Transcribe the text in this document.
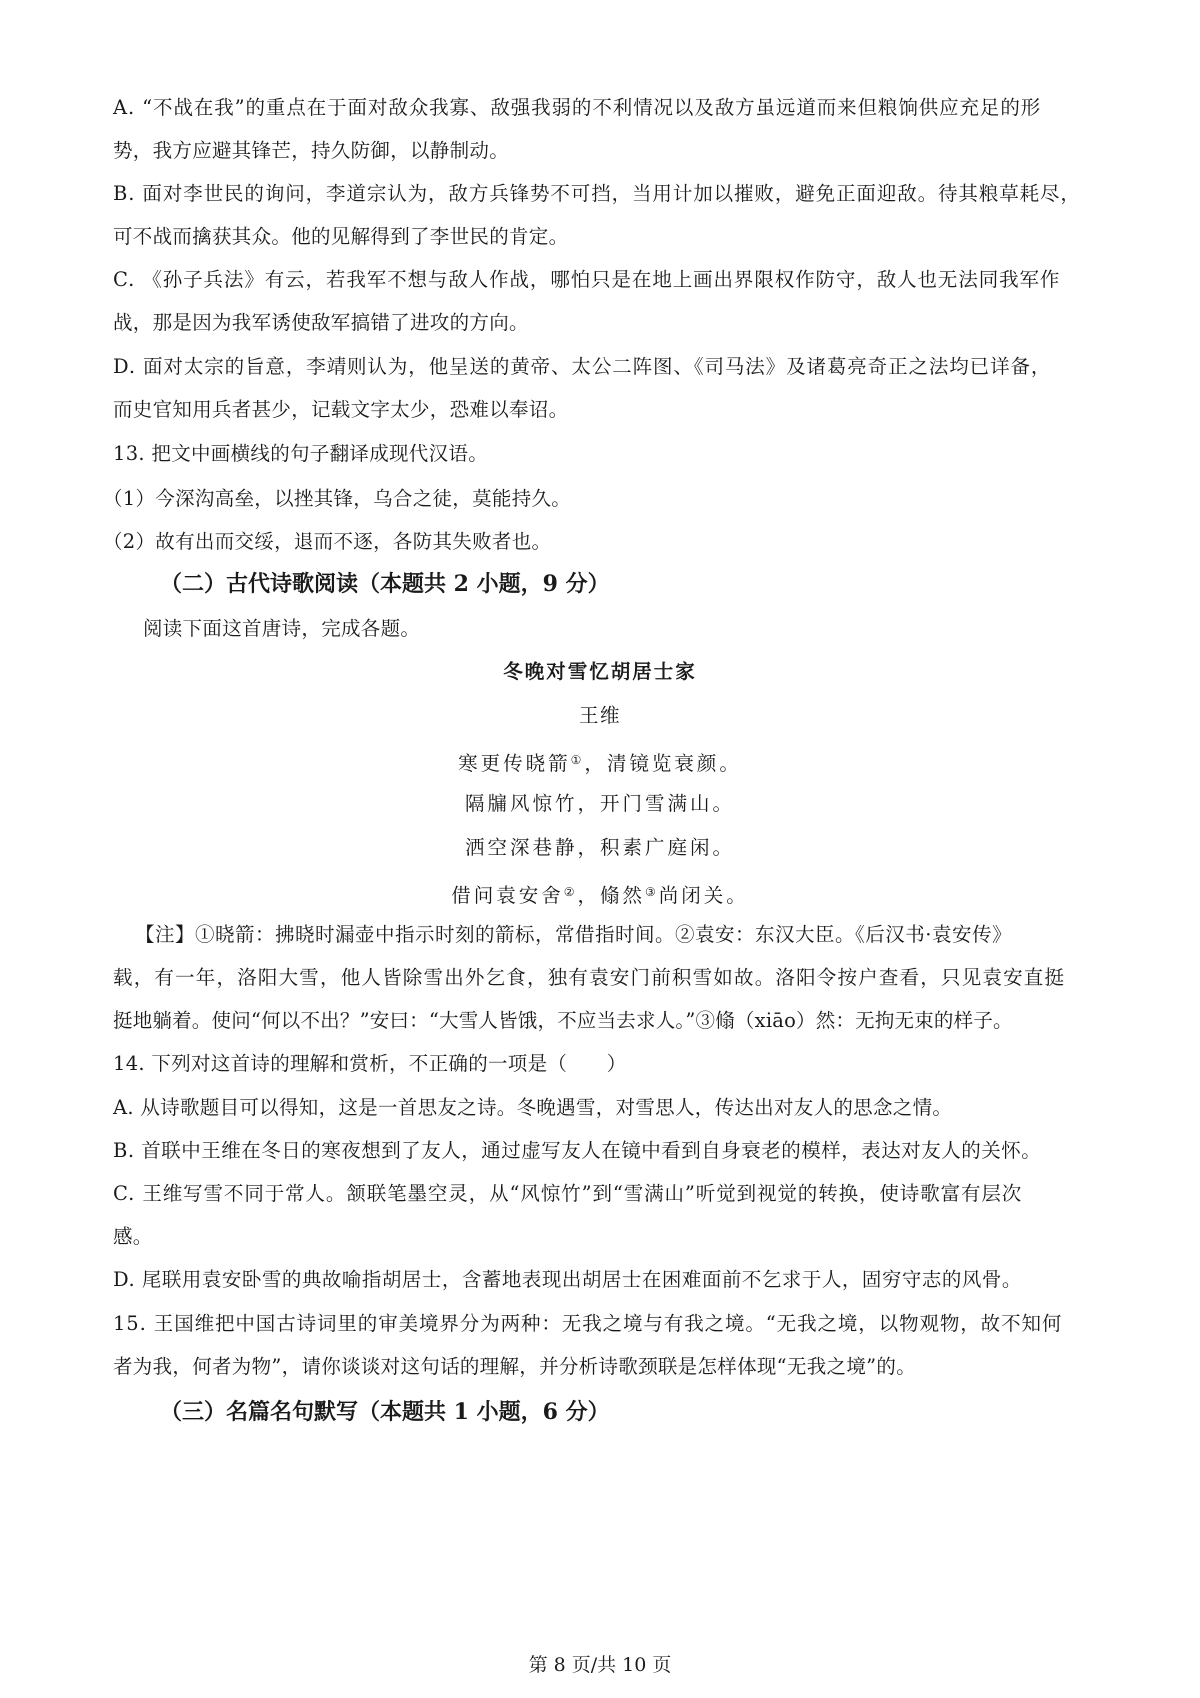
A. “不战在我”的重点在于面对敌众我寡、敌强我弱的不利情况以及敌方虽远道而来但粮饷供应充足的形
势，我方应避其锋芒，持久防御，以静制动。
B. 面对李世民的询问，李道宗认为，敌方兵锋势不可挡，当用计加以摧败，避免正面迎敌。待其粮草耗尽，
可不战而擒获其众。他的见解得到了李世民的肯定。
C. 《孙子兵法》有云，若我军不想与敌人作战，哪怕只是在地上画出界限权作防守，敌人也无法同我军作
战，那是因为我军诱使敌军搞错了进攻的方向。
D. 面对太宗的旨意，李靖则认为，他呈送的黄帝、太公二阵图、《司马法》及诸葛亮奇正之法均已详备，
而史官知用兵者甚少，记载文字太少，恐难以奉诏。
13. 把文中画横线的句子翻译成现代汉语。
（1）今深沟高垒，以挫其锋，乌合之徒，莫能持久。
（2）故有出而交绥，退而不逐，各防其失败者也。
（二）古代诗歌阅读（本题共 2 小题，9 分）
阅读下面这首唐诗，完成各题。
冬晚对雪忆胡居士家
王维
寒更传晓箭①，清镜览衰颜。
隔牖风惊竹，开门雪满山。
洒空深巷静，积素广庭闲。
借问袁安舍②，翛然③尚闭关。
【注】①晓箭：拂晓时漏壶中指示时刻的箭标，常借指时间。②袁安：东汉大臣。《后汉书·袁安传》
载，有一年，洛阳大雪，他人皆除雪出外乞食，独有袁安门前积雪如故。洛阳令按户查看，只见袁安直挺
挺地躺着。使问“何以不出？”安曰：“大雪人皆饿，不应当去求人。”③翛（xiāo）然：无拘无束的样子。
14. 下列对这首诗的理解和赏析，不正确的一项是（　　）
A. 从诗歌题目可以得知，这是一首思友之诗。冬晚遇雪，对雪思人，传达出对友人的思念之情。
B. 首联中王维在冬日的寒夜想到了友人，通过虚写友人在镜中看到自身衰老的模样，表达对友人的关怀。
C. 王维写雪不同于常人。颔联笔墨空灵，从“风惊竹”到“雪满山”听觉到视觉的转换，使诗歌富有层次
感。
D. 尾联用袁安卧雪的典故喻指胡居士，含蓄地表现出胡居士在困难面前不乞求于人，固穷守志的风骨。
15. 王国维把中国古诗词里的审美境界分为两种：无我之境与有我之境。“无我之境，以物观物，故不知何
者为我，何者为物”，请你谈谈对这句话的理解，并分析诗歌颈联是怎样体现“无我之境”的。
（三）名篇名句默写（本题共 1 小题，6 分）
第 8 页/共 10 页
